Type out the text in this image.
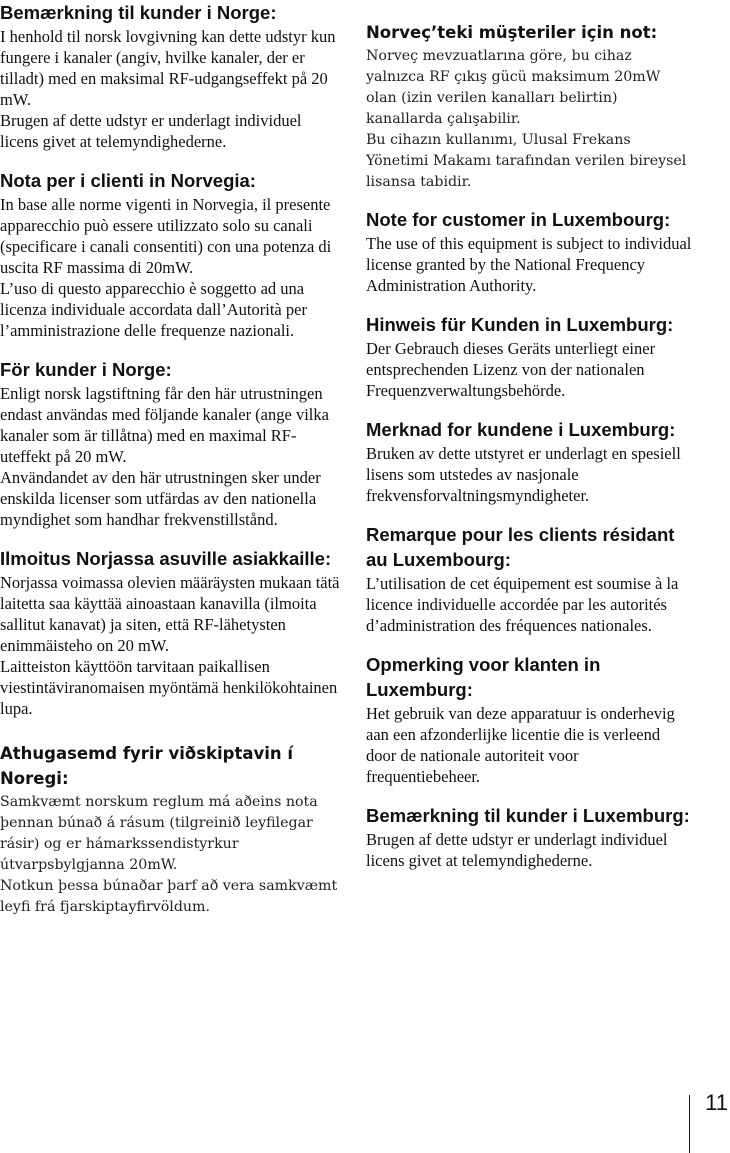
Bemærkning til kunder i Norge:

I henhold til norsk lovgivning kan dette udstyr kun fungere i kanaler (angiv, hvilke kanaler, der er tilladt) med en maksimal RF-udgangseffekt på 20 mW.
Brugen af dette udstyr er underlagt individuel licens givet at telemyndighederne.

Nota per i clienti in Norvegia:

In base alle norme vigenti in Norvegia, il presente apparecchio può essere utilizzato solo su canali (specificare i canali consentiti) con una potenza di uscita RF massima di 20mW.
L’uso di questo apparecchio è soggetto ad una licenza individuale accordata dall’Autorità per l’amministrazione delle frequenze nazionali.

För kunder i Norge:

Enligt norsk lagstiftning får den här utrustningen endast användas med följande kanaler (ange vilka kanaler som är tillåtna) med en maximal RF-uteffekt på 20 mW.
Användandet av den här utrustningen sker under enskilda licenser som utfärdas av den nationella myndighet som handhar frekvenstillstånd.

Ilmoitus Norjassa asuville asiakkaille:

Norjassa voimassa olevien määräysten mukaan tätä laitetta saa käyttää ainoastaan kanavilla (ilmoita sallitut kanavat) ja siten, että RF-lähetysten enimmäisteho on 20 mW.
Laitteiston käyttöön tarvitaan paikallisen viestintäviranomaisen myöntämä henkilökohtainen lupa.

Athugasemd fyrir viðskiptavin í Noregi:

Samkvæmt norskum reglum má aðeins nota þennan búnað á rásum (tilgreinið leyfilegar rásir) og er hámarkssendistyrkur útvarpsbylgjanna 20mW.
Notkun þessa búnaðar þarf að vera samkvæmt leyfi frá fjarskiptayfirvöldum.

Norveç’teki müşteriler için not:

Norveç mevzuatlarına göre, bu cihaz yalnızca RF çıkış gücü maksimum 20mW olan (izin verilen kanalları belirtin) kanallarda çalışabilir.
Bu cihazın kullanımı, Ulusal Frekans Yönetimi Makamı tarafından verilen bireysel lisansa tabidir.

Note for customer in Luxembourg:

The use of this equipment is subject to individual license granted by the National Frequency Administration Authority.

Hinweis für Kunden in Luxemburg:

Der Gebrauch dieses Geräts unterliegt einer entsprechenden Lizenz von der nationalen Frequenzverwaltungsbehörde.

Merknad for kundene i Luxemburg:

Bruken av dette utstyret er underlagt en spesiell lisens som utstedes av nasjonale frekvensforvaltningsmyndigheter.

Remarque pour les clients résidant au Luxembourg:

L’utilisation de cet équipement est soumise à la licence individuelle accordée par les autorités d’administration des fréquences nationales.

Opmerking voor klanten in Luxemburg:

Het gebruik van deze apparatuur is onderhevig aan een afzonderlijke licentie die is verleend door de nationale autoriteit voor frequentiebeheer.

Bemærkning til kunder i Luxemburg:

Brugen af dette udstyr er underlagt individuel licens givet at telemyndighederne.

11
